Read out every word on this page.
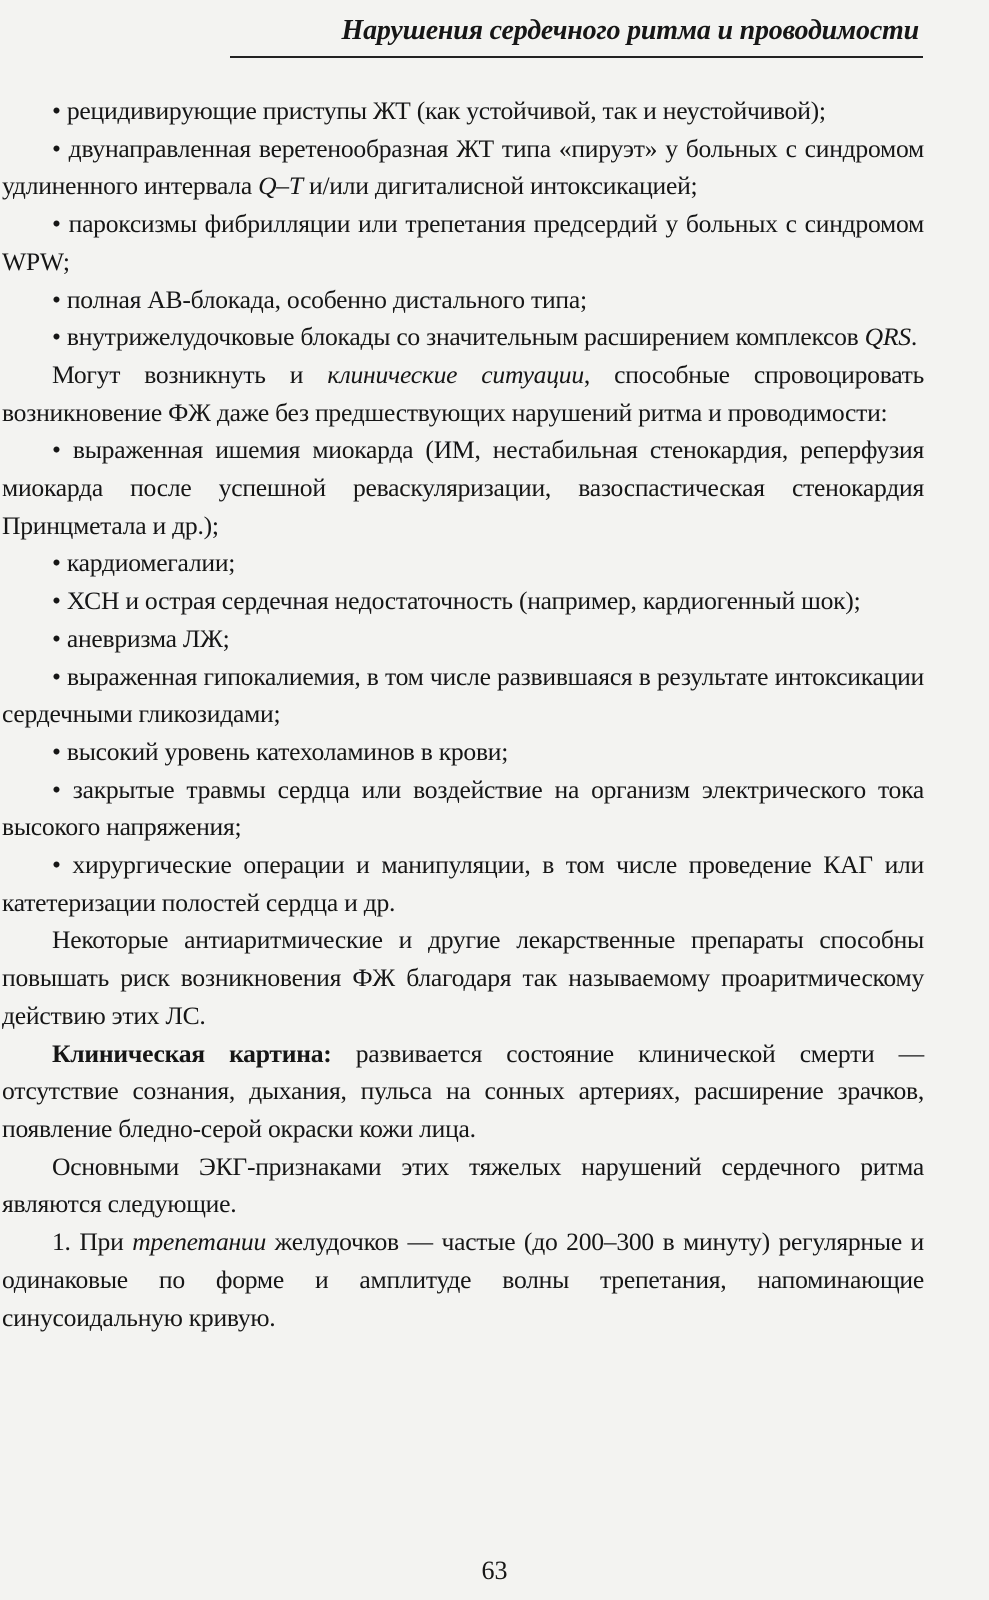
Нарушения сердечного ритма и проводимости

• рецидивирующие приступы ЖТ (как устойчивой, так и неустойчивой);

• двунаправленная веретенообразная ЖТ типа «пируэт» у больных с синдромом удлиненного интервала Q–T и/или дигиталисной интоксикацией;

• пароксизмы фибрилляции или трепетания предсердий у больных с синдромом WPW;

• полная АВ-блокада, особенно дистального типа;

• внутрижелудочковые блокады со значительным расширением комплексов QRS.

Могут возникнуть и клинические ситуации, способные спровоцировать возникновение ФЖ даже без предшествующих нарушений ритма и проводимости:

• выраженная ишемия миокарда (ИМ, нестабильная стенокардия, реперфузия миокарда после успешной реваскуляризации, вазоспастическая стенокардия Принцметала и др.);

• кардиомегалии;

• ХСН и острая сердечная недостаточность (например, кардиогенный шок);

• аневризма ЛЖ;

• выраженная гипокалиемия, в том числе развившаяся в результате интоксикации сердечными гликозидами;

• высокий уровень катехоламинов в крови;

• закрытые травмы сердца или воздействие на организм электрического тока высокого напряжения;

• хирургические операции и манипуляции, в том числе проведение КАГ или катетеризации полостей сердца и др.

Некоторые антиаритмические и другие лекарственные препараты способны повышать риск возникновения ФЖ благодаря так называемому проаритмическому действию этих ЛС.

Клиническая картина: развивается состояние клинической смерти — отсутствие сознания, дыхания, пульса на сонных артериях, расширение зрачков, появление бледно-серой окраски кожи лица.

Основными ЭКГ-признаками этих тяжелых нарушений сердечного ритма являются следующие.

1. При трепетании желудочков — частые (до 200–300 в минуту) регулярные и одинаковые по форме и амплитуде волны трепетания, напоминающие синусоидальную кривую.

63
